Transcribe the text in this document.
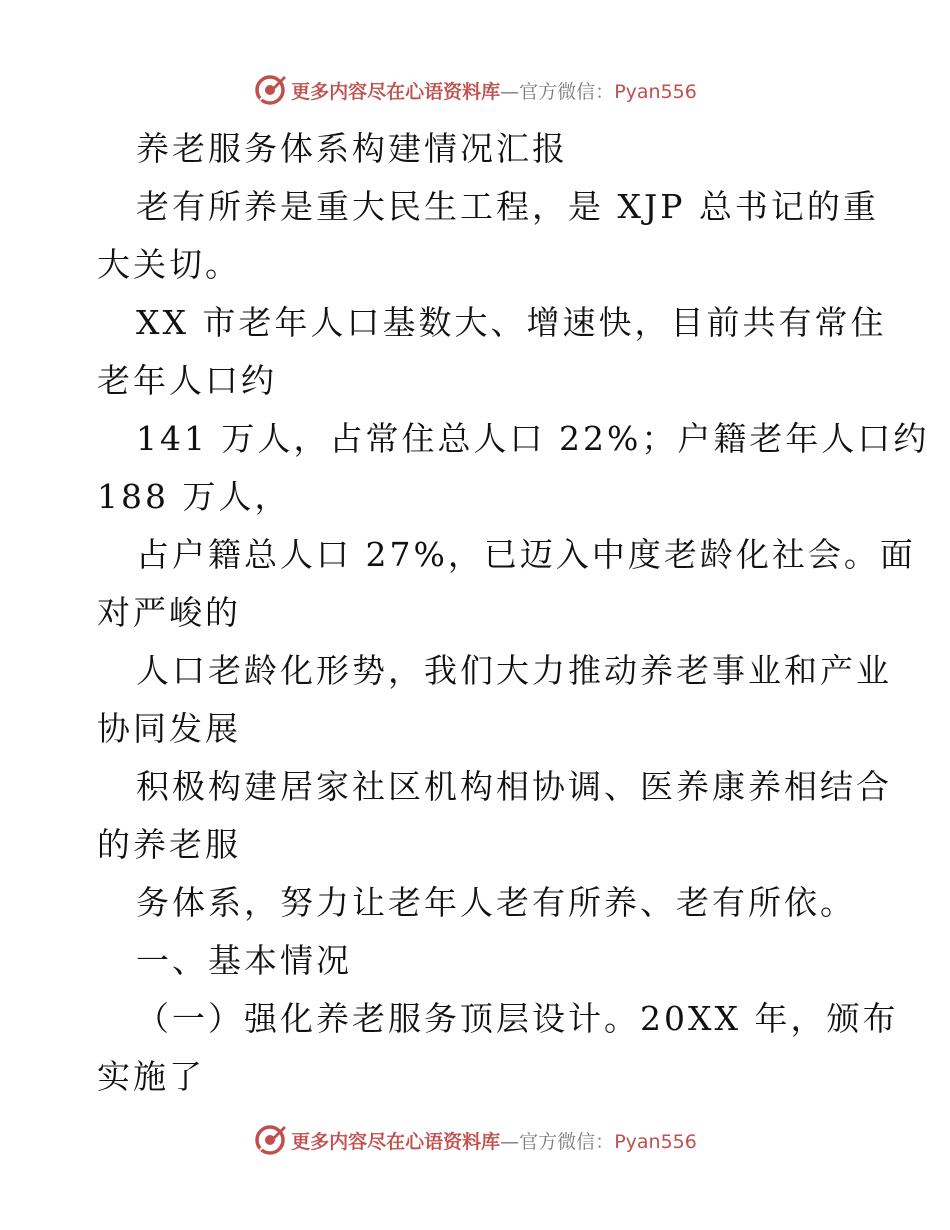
更多内容尽在心语资料库—官方微信：Pyan556
养老服务体系构建情况汇报
老有所养是重大民生工程，是 XJP 总书记的重
大关切。
XX 市老年人口基数大、增速快，目前共有常住
老年人口约
141 万人，占常住总人口 22%；户籍老年人口约
188 万人，
占户籍总人口 27%，已迈入中度老龄化社会。面
对严峻的
人口老龄化形势，我们大力推动养老事业和产业
协同发展
积极构建居家社区机构相协调、医养康养相结合
的养老服
务体系，努力让老年人老有所养、老有所依。
一、基本情况
（一）强化养老服务顶层设计。20XX 年，颁布
实施了
更多内容尽在心语资料库—官方微信：Pyan556
